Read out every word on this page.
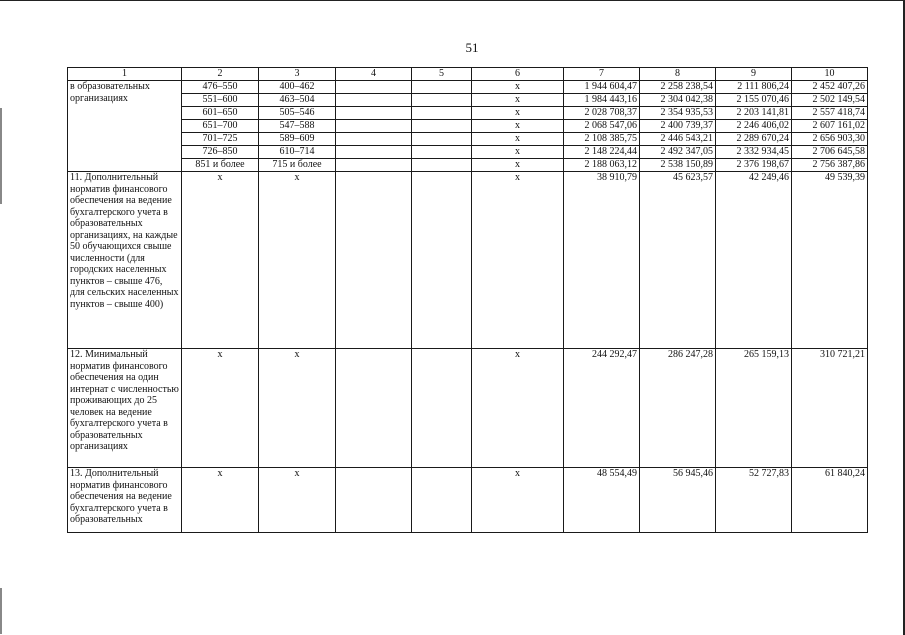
51
1	2	3	4	5	6	7	8	9	10
в образовательных организациях	476–550	400–462			x	1 944 604,47	2 258 238,54	2 111 806,24	2 452 407,26
	551–600	463–504			x	1 984 443,16	2 304 042,38	2 155 070,46	2 502 149,54
	601–650	505–546			x	2 028 708,37	2 354 935,53	2 203 141,81	2 557 418,74
	651–700	547–588			x	2 068 547,06	2 400 739,37	2 246 406,02	2 607 161,02
	701–725	589–609			x	2 108 385,75	2 446 543,21	2 289 670,24	2 656 903,30
	726–850	610–714			x	2 148 224,44	2 492 347,05	2 332 934,45	2 706 645,58
	851 и более	715 и более			x	2 188 063,12	2 538 150,89	2 376 198,67	2 756 387,86
11. Дополнительный норматив финансового обеспечения на ведение бухгалтерского учета в образовательных организациях, на каждые 50 обучающихся свыше численности (для городских населенных пунктов – свыше 476, для сельских населенных пунктов – свыше 400)	x	x			x	38 910,79	45 623,57	42 249,46	49 539,39
12. Минимальный норматив финансового обеспечения на один интернат с численностью проживающих до 25 человек на ведение бухгалтерского учета в образовательных организациях	x	x			x	244 292,47	286 247,28	265 159,13	310 721,21
13. Дополнительный норматив финансового обеспечения на ведение бухгалтерского учета в образовательных	x	x			x	48 554,49	56 945,46	52 727,83	61 840,24
